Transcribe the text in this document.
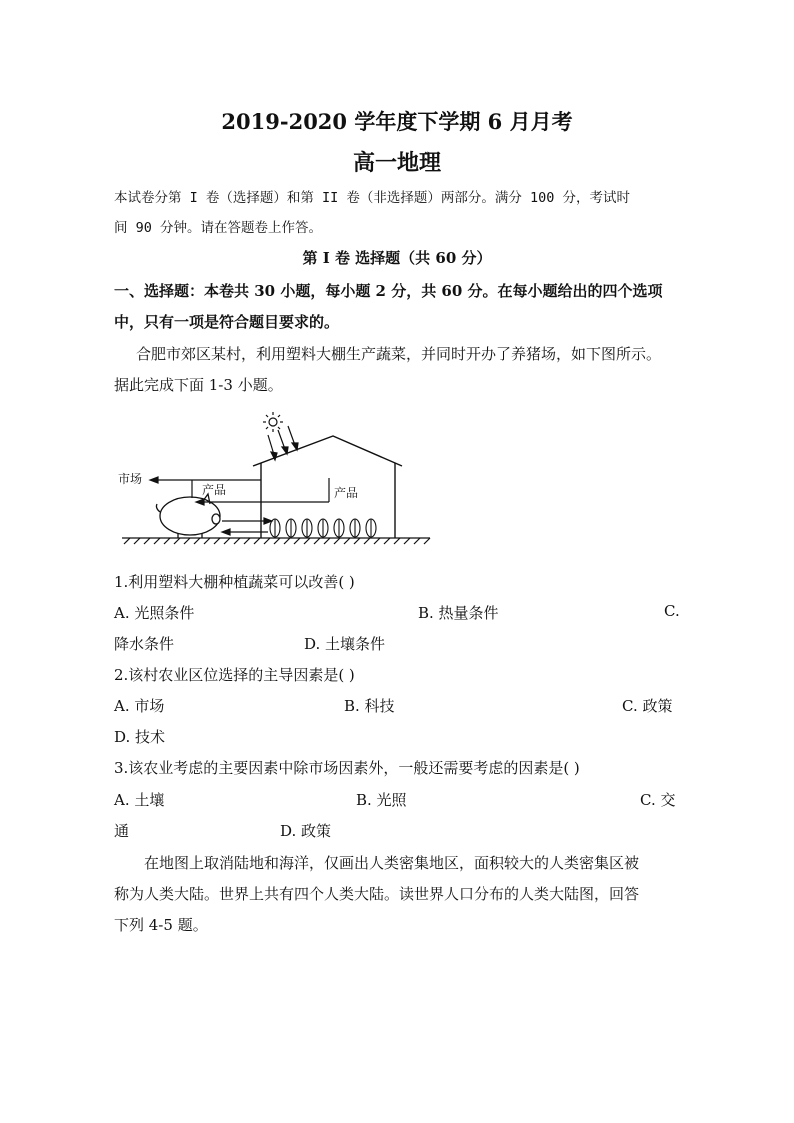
2019-2020 学年度下学期 6 月月考
高一地理
本试卷分第 I 卷（选择题）和第 II 卷（非选择题）两部分。满分 100 分，考试时
间 90 分钟。请在答题卷上作答。
第 I 卷 选择题（共 60 分）
一、选择题：本卷共 30 小题，每小题 2 分，共 60 分。在每小题给出的四个选项
中，只有一项是符合题目要求的。
合肥市郊区某村，利用塑料大棚生产蔬菜，并同时开办了养猪场，如下图所示。
据此完成下面 1-3 小题。
市场
产品	产品
1.利用塑料大棚种植蔬菜可以改善( )
A. 光照条件	B. 热量条件	C.
降水条件	D. 土壤条件
2.该村农业区位选择的主导因素是( )
A. 市场	B. 科技	C. 政策
D. 技术
3.该农业考虑的主要因素中除市场因素外，一般还需要考虑的因素是( )
A. 土壤	B. 光照	C. 交
通	D. 政策
在地图上取消陆地和海洋，仅画出人类密集地区，面积较大的人类密集区被
称为人类大陆。世界上共有四个人类大陆。读世界人口分布的人类大陆图，回答
下列 4-5 题。
